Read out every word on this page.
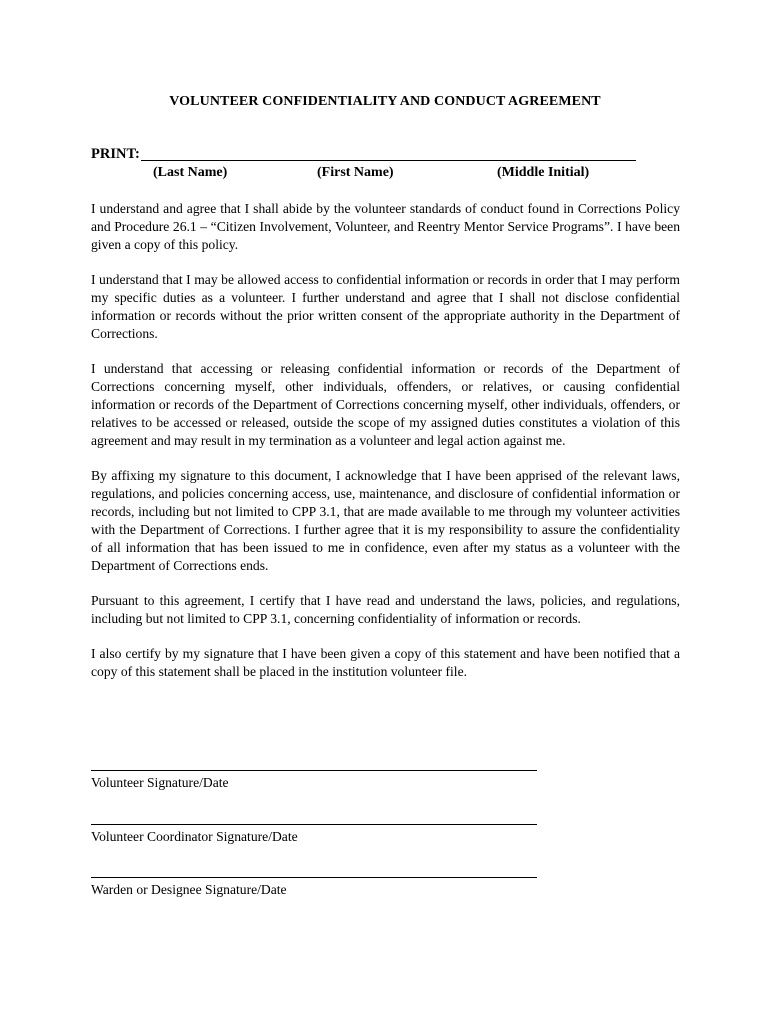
VOLUNTEER CONFIDENTIALITY AND CONDUCT AGREEMENT
PRINT:
(Last Name)	(First Name)	(Middle Initial)

I understand and agree that I shall abide by the volunteer standards of conduct found in Corrections Policy and Procedure 26.1 – “Citizen Involvement, Volunteer, and Reentry Mentor Service Programs”. I have been given a copy of this policy.

I understand that I may be allowed access to confidential information or records in order that I may perform my specific duties as a volunteer. I further understand and agree that I shall not disclose confidential information or records without the prior written consent of the appropriate authority in the Department of Corrections.

I understand that accessing or releasing confidential information or records of the Department of Corrections concerning myself, other individuals, offenders, or relatives, or causing confidential information or records of the Department of Corrections concerning myself, other individuals, offenders, or relatives to be accessed or released, outside the scope of my assigned duties constitutes a violation of this agreement and may result in my termination as a volunteer and legal action against me.

By affixing my signature to this document, I acknowledge that I have been apprised of the relevant laws, regulations, and policies concerning access, use, maintenance, and disclosure of confidential information or records, including but not limited to CPP 3.1, that are made available to me through my volunteer activities with the Department of Corrections. I further agree that it is my responsibility to assure the confidentiality of all information that has been issued to me in confidence, even after my status as a volunteer with the Department of Corrections ends.

Pursuant to this agreement, I certify that I have read and understand the laws, policies, and regulations, including but not limited to CPP 3.1, concerning confidentiality of information or records.

I also certify by my signature that I have been given a copy of this statement and have been notified that a copy of this statement shall be placed in the institution volunteer file.

Volunteer Signature/Date
Volunteer Coordinator Signature/Date
Warden or Designee Signature/Date
